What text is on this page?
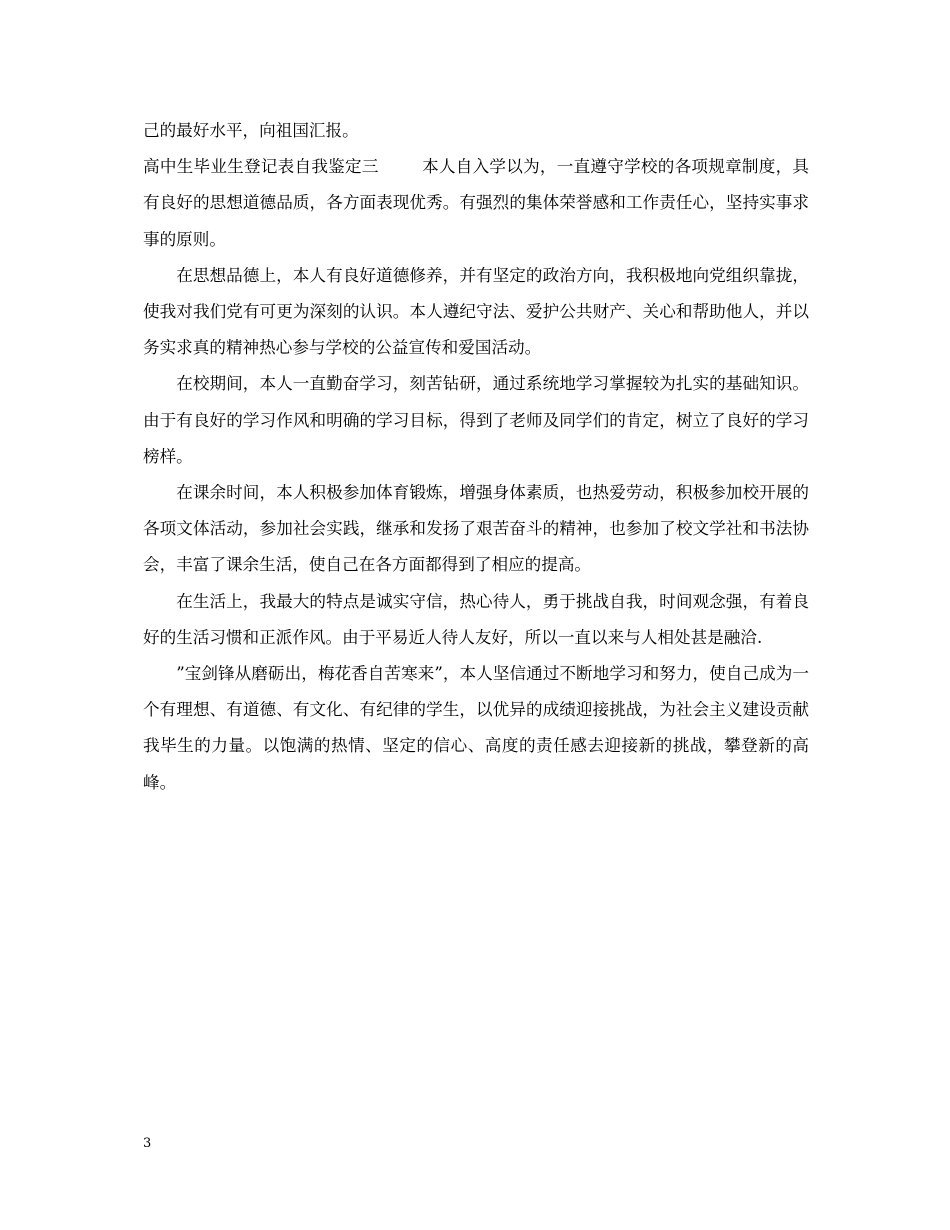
己的最好水平，向祖国汇报。

高中生毕业生登记表自我鉴定三	本人自入学以为，一直遵守学校的各项规章制度，具有良好的思想道德品质，各方面表现优秀。有强烈的集体荣誉感和工作责任心，坚持实事求事的原则。

在思想品德上，本人有良好道德修养，并有坚定的政治方向，我积极地向党组织靠拢，使我对我们党有可更为深刻的认识。本人遵纪守法、爱护公共财产、关心和帮助他人，并以务实求真的精神热心参与学校的公益宣传和爱国活动。

在校期间，本人一直勤奋学习，刻苦钻研，通过系统地学习掌握较为扎实的基础知识。由于有良好的学习作风和明确的学习目标，得到了老师及同学们的肯定，树立了良好的学习榜样。

在课余时间，本人积极参加体育锻炼，增强身体素质，也热爱劳动，积极参加校开展的各项文体活动，参加社会实践，继承和发扬了艰苦奋斗的精神，也参加了校文学社和书法协会，丰富了课余生活，使自己在各方面都得到了相应的提高。

在生活上，我最大的特点是诚实守信，热心待人，勇于挑战自我，时间观念强，有着良好的生活习惯和正派作风。由于平易近人待人友好，所以一直以来与人相处甚是融洽.

”宝剑锋从磨砺出，梅花香自苦寒来”，本人坚信通过不断地学习和努力，使自己成为一个有理想、有道德、有文化、有纪律的学生，以优异的成绩迎接挑战，为社会主义建设贡献我毕生的力量。以饱满的热情、坚定的信心、高度的责任感去迎接新的挑战，攀登新的高峰。

3
